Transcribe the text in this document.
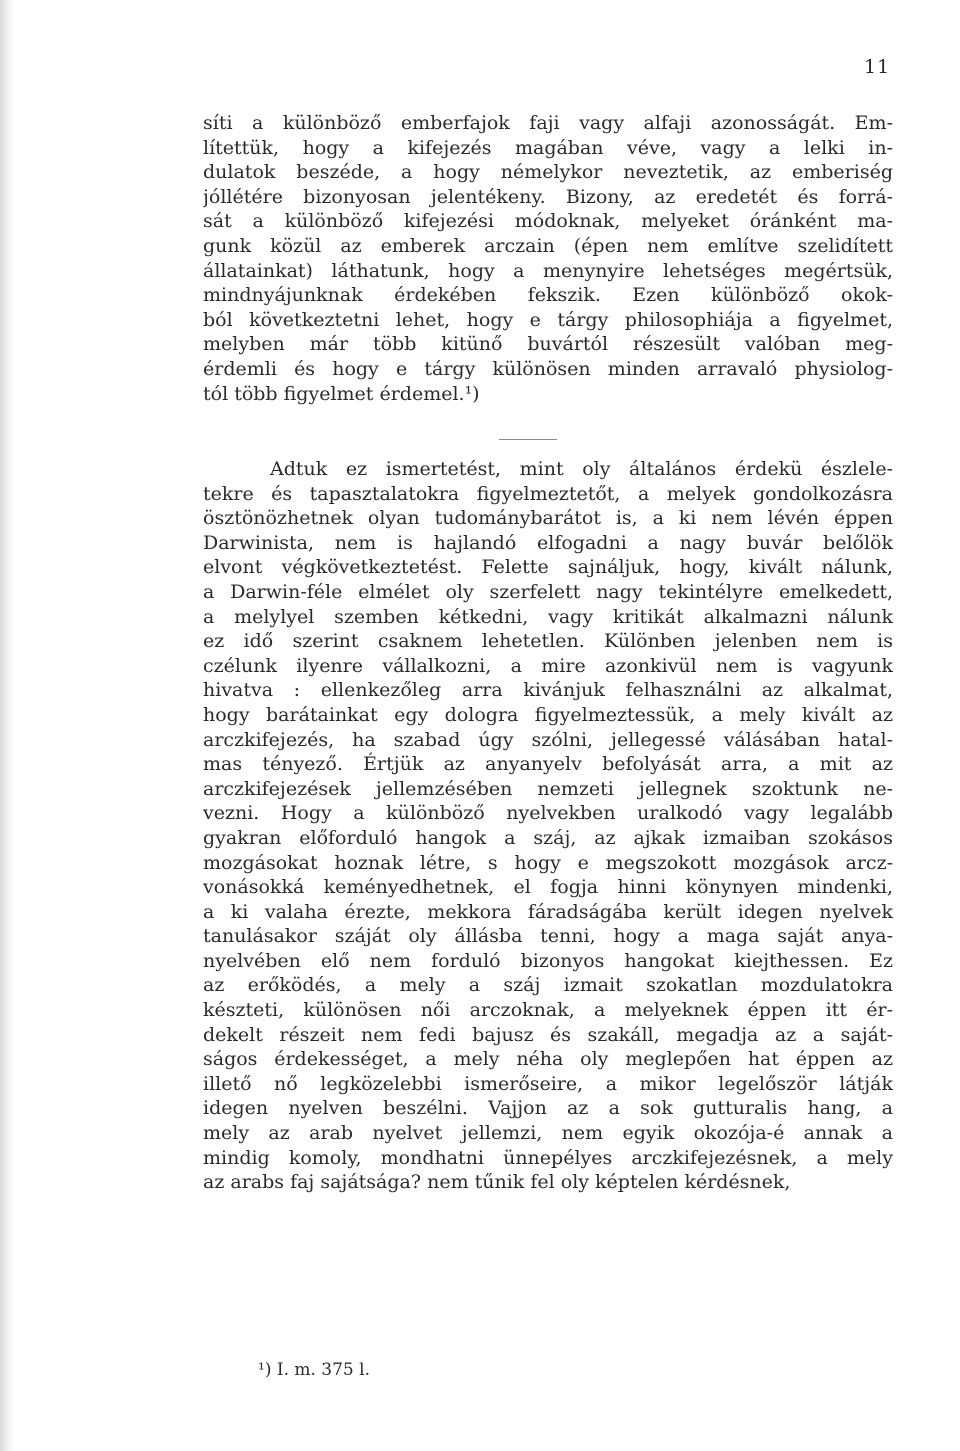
11
síti a különböző emberfajok faji vagy alfaji azonosságát. Em-
lítettük, hogy a kifejezés magában véve, vagy a lelki in-
dulatok beszéde, a hogy némelykor neveztetik, az emberiség
jóllétére bizonyosan jelentékeny. Bizony, az eredetét és forrá-
sát a különböző kifejezési módoknak, melyeket óránként ma-
gunk közül az emberek arczain (épen nem említve szelidített
állatainkat) láthatunk, hogy a menynyire lehetséges megértsük,
mindnyájunknak érdekében fekszik. Ezen különböző okok-
ból következtetni lehet, hogy e tárgy philosophiája a figyelmet,
melyben már több kitünő buvártól részesült valóban meg-
érdemli és hogy e tárgy különösen minden arravaló physiolog-
tól több figyelmet érdemel.¹)
Adtuk ez ismertetést, mint oly általános érdekü észlele-
tekre és tapasztalatokra figyelmeztetőt, a melyek gondolkozásra
ösztönözhetnek olyan tudománybarátot is, a ki nem lévén éppen
Darwinista, nem is hajlandó elfogadni a nagy buvár belőlök
elvont végkövetkeztetést. Felette sajnáljuk, hogy, kivált nálunk,
a Darwin-féle elmélet oly szerfelett nagy tekintélyre emelkedett,
a melylyel szemben kétkedni, vagy kritikát alkalmazni nálunk
ez idő szerint csaknem lehetetlen. Különben jelenben nem is
czélunk ilyenre vállalkozni, a mire azonkivül nem is vagyunk
hivatva : ellenkezőleg arra kivánjuk felhasználni az alkalmat,
hogy barátainkat egy dologra figyelmeztessük, a mely kivált az
arczkifejezés, ha szabad úgy szólni, jellegessé válásában hatal-
mas tényező. Értjük az anyanyelv befolyását arra, a mit az
arczkifejezések jellemzésében nemzeti jellegnek szoktunk ne-
vezni. Hogy a különböző nyelvekben uralkodó vagy legalább
gyakran előforduló hangok a száj, az ajkak izmaiban szokásos
mozgásokat hoznak létre, s hogy e megszokott mozgások arcz-
vonásokká keményedhetnek, el fogja hinni könynyen mindenki,
a ki valaha érezte, mekkora fáradságába került idegen nyelvek
tanulásakor száját oly állásba tenni, hogy a maga saját anya-
nyelvében elő nem forduló bizonyos hangokat kiejthessen. Ez
az erőködés, a mely a száj izmait szokatlan mozdulatokra
készteti, különösen női arczoknak, a melyeknek éppen itt ér-
dekelt részeit nem fedi bajusz és szakáll, megadja az a saját-
ságos érdekességet, a mely néha oly meglepően hat éppen az
illető nő legközelebbi ismerőseire, a mikor legelőször látják
idegen nyelven beszélni. Vajjon az a sok gutturalis hang, a
mely az arab nyelvet jellemzi, nem egyik okozója-é annak a
mindig komoly, mondhatni ünnepélyes arczkifejezésnek, a mely
az arabs faj sajátsága? nem tűnik fel oly képtelen kérdésnek,
¹) I. m. 375 l.
